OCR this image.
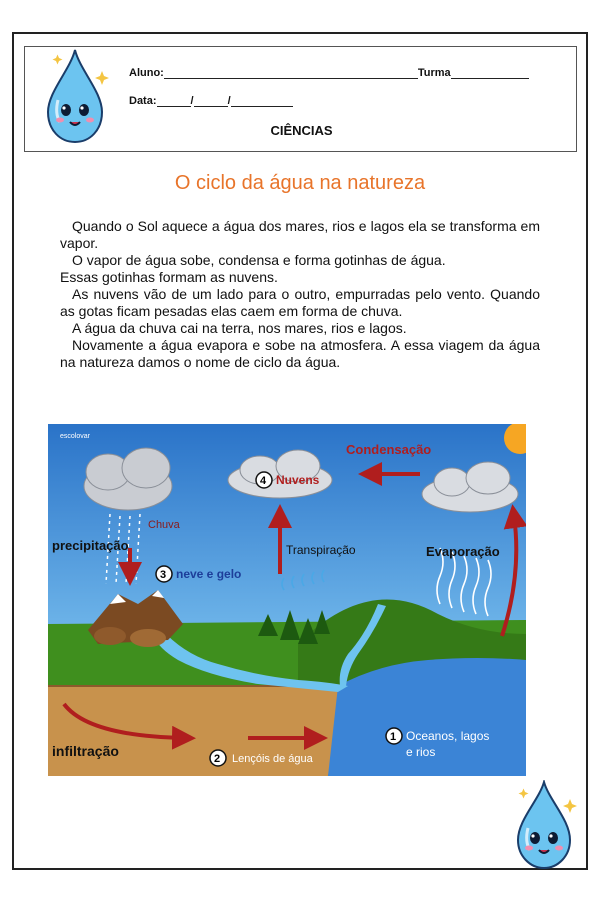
Aluno:	Turma
Data:	/	/
CIÊNCIAS
O ciclo da água na natureza

Quando o Sol aquece a água dos mares, rios e lagos ela se transforma em vapor.

O vapor de água sobe, condensa e forma gotinhas de água.

Essas gotinhas formam as nuvens.

As nuvens vão de um lado para o outro, empurradas pelo vento. Quando as gotas ficam pesadas elas caem em forma de chuva.

A água da chuva cai na terra, nos mares, rios e lagos.

Novamente a água evapora e sobe na atmosfera. A essa viagem da água na natureza damos o nome de ciclo da água.

escolovar
Condensação
4 Nuvens
Chuva
precipitação
3 neve e gelo
Transpiração	Evaporação
infiltração	2 Lençóis de água
1 Oceanos, lagos
e rios
